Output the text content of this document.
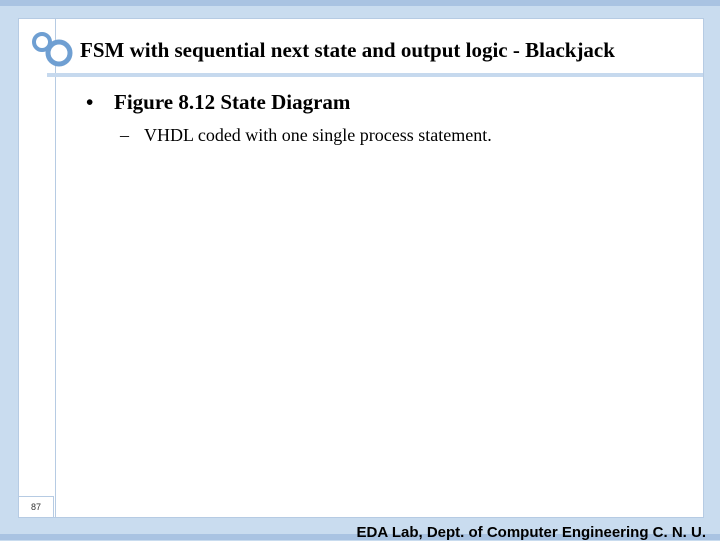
FSM with sequential next state and output logic - Blackjack
• Figure 8.12 State Diagram
– VHDL coded with one single process statement.
87
EDA Lab, Dept. of Computer Engineering C. N. U.
